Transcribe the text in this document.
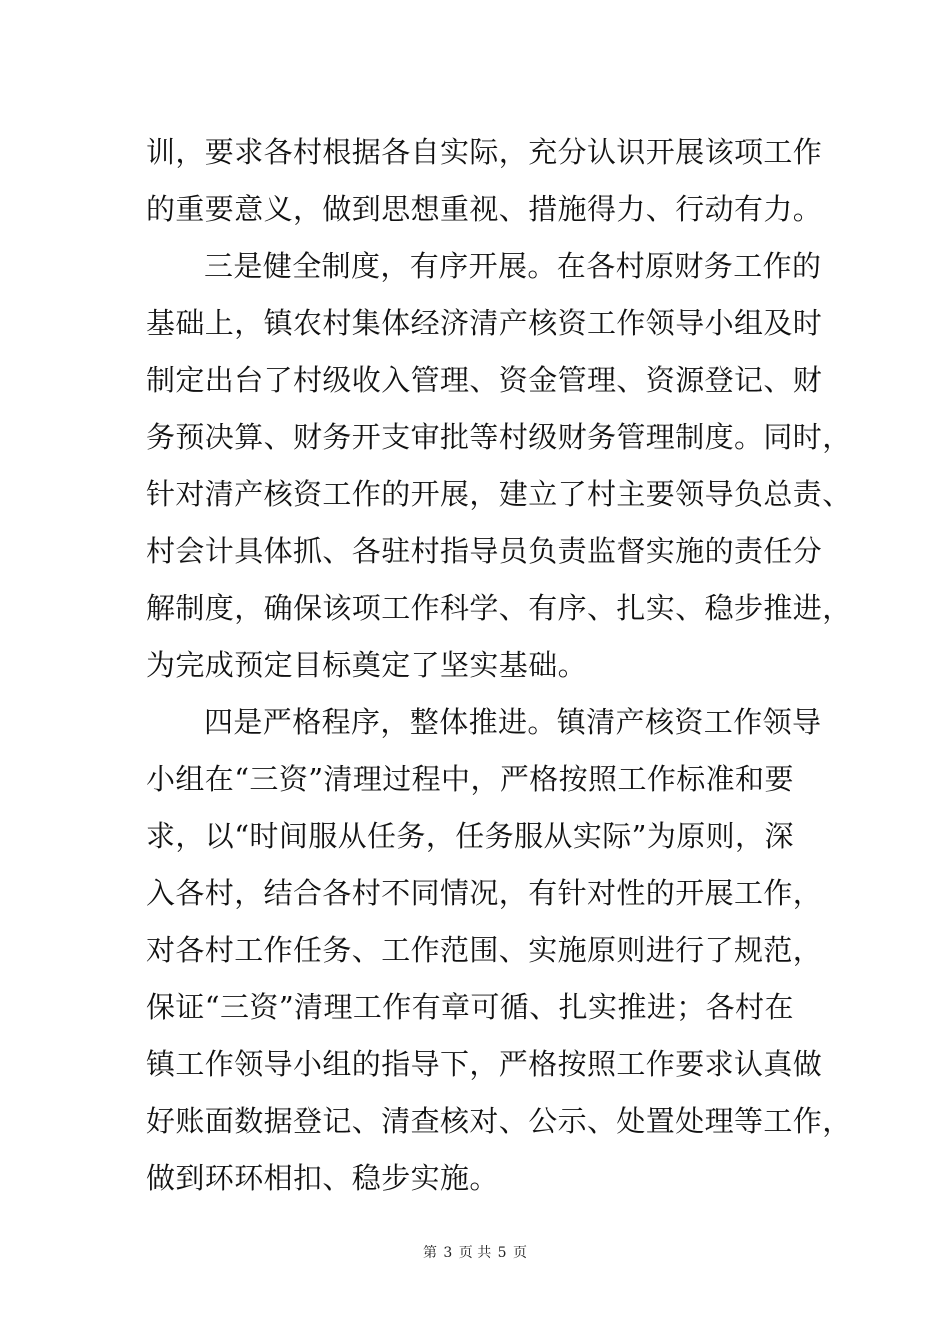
训，要求各村根据各自实际，充分认识开展该项工作
的重要意义，做到思想重视、措施得力、行动有力。
三是健全制度，有序开展。在各村原财务工作的
基础上，镇农村集体经济清产核资工作领导小组及时
制定出台了村级收入管理、资金管理、资源登记、财
务预决算、财务开支审批等村级财务管理制度。同时，
针对清产核资工作的开展，建立了村主要领导负总责、
村会计具体抓、各驻村指导员负责监督实施的责任分
解制度，确保该项工作科学、有序、扎实、稳步推进，
为完成预定目标奠定了坚实基础。
四是严格程序，整体推进。镇清产核资工作领导
小组在“三资”清理过程中，严格按照工作标准和要
求，以“时间服从任务，任务服从实际”为原则，深
入各村，结合各村不同情况，有针对性的开展工作，
对各村工作任务、工作范围、实施原则进行了规范，
保证“三资”清理工作有章可循、扎实推进；各村在
镇工作领导小组的指导下，严格按照工作要求认真做
好账面数据登记、清查核对、公示、处置处理等工作，
做到环环相扣、稳步实施。
第 3 页 共 5 页
